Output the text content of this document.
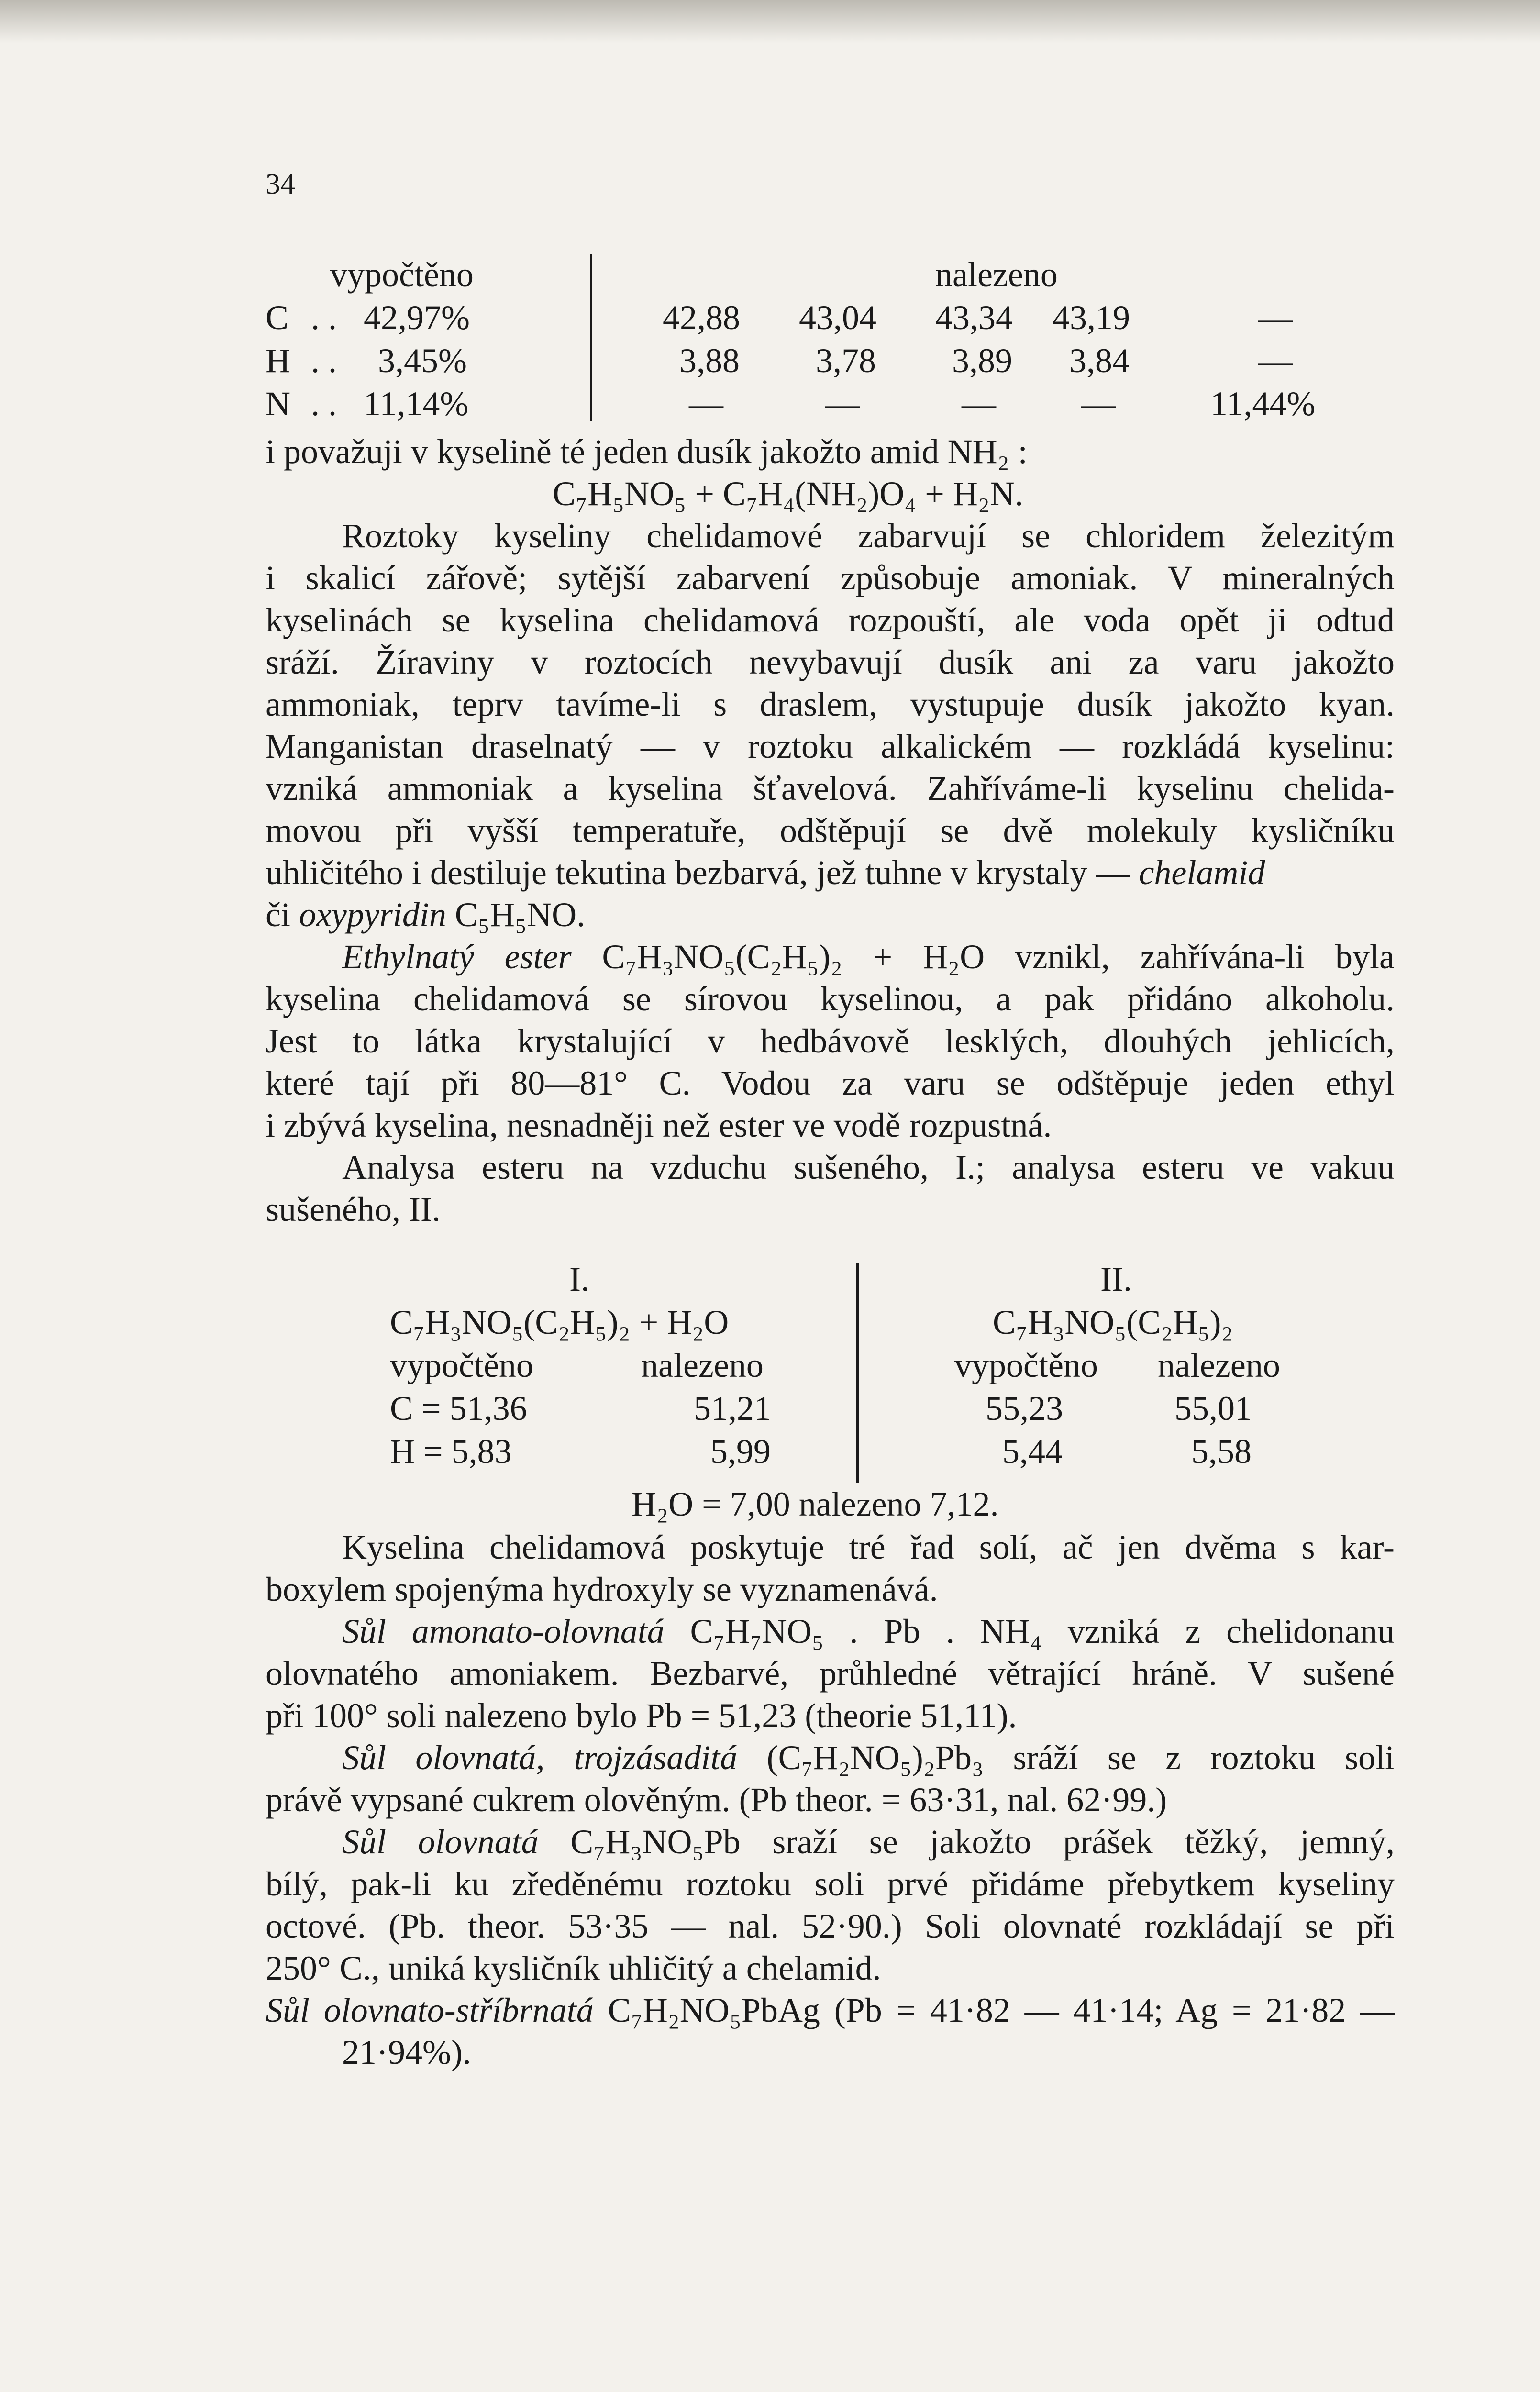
34
vypočtěno	nalezeno
C . . 42,97%	42,88 43,04 43,34 43,19	—
H . . 3,45%	3,88 3,78 3,89 3,84	—
N . . 11,14%	—	—	— —	11,44%
i považuji v kyselině té jeden dusík jakožto amid NH₂ :
C₇H₅NO₅ + C₇H₄(NH₂)O₄ + H₂N.
Roztoky kyseliny chelidamové zabarvují se chloridem železitým
i skalicí zářově; sytější zabarvení způsobuje amoniak. V mineralných
kyselinách se kyselina chelidamová rozpouští, ale voda opět ji odtud
sráží. Žíraviny v roztocích nevybavují dusík ani za varu jakožto
ammoniak, teprv tavíme-li s draslem, vystupuje dusík jakožto kyan.
Manganistan draselnatý — v roztoku alkalickém — rozkládá kyselinu:
vzniká ammoniak a kyselina šťavelová. Zahříváme-li kyselinu chelida-
movou při vyšší temperatuře, odštěpují se dvě molekuly kysličníku
uhličitého i destiluje tekutina bezbarvá, jež tuhne v krystaly — chelamid
či oxypyridin C₅H₅NO.
Ethylnatý ester C₇H₃NO₅(C₂H₅)₂ + H₂O vznikl, zahřívána-li byla
kyselina chelidamová se sírovou kyselinou, a pak přidáno alkoholu.
Jest to látka krystalující v hedbávově lesklých, dlouhých jehlicích,
které tají při 80—81° C. Vodou za varu se odštěpuje jeden ethyl
i zbývá kyselina, nesnadněji než ester ve vodě rozpustná.
Analysa esteru na vzduchu sušeného, I.; analysa esteru ve vakuu
sušeného, II.
I.
C₇H₃NO₅(C₂H₅)₂ + H₂O
vypočtěno	nalezeno
C = 51,36	51,21
H = 5,83	5,99
II.
C₇H₃NO₅(C₂H₅)₂
vypočtěno nalezeno
55,23	55,01
5,44	5,58
H₂O = 7,00 nalezeno 7,12.
Kyselina chelidamová poskytuje tré řad solí, ač jen dvěma s kar-
boxylem spojenýma hydroxyly se vyznamenává.
Sůl amonato-olovnatá C₇H₇NO₅ . Pb . NH₄ vzniká z chelidonanu
olovnatého amoniakem. Bezbarvé, průhledné větrající hráně. V sušené
při 100° soli nalezeno bylo Pb = 51,23 (theorie 51,11).
Sůl olovnatá, trojzásaditá (C₇H₂NO₅)₂Pb₃ sráží se z roztoku soli
právě vypsané cukrem olověným. (Pb theor. = 63·31, nal. 62·99.)
Sůl olovnatá C₇H₃NO₅Pb sraží se jakožto prášek těžký, jemný,
bílý, pak-li ku zředěnému roztoku soli prvé přidáme přebytkem kyseliny
octové. (Pb. theor. 53·35 — nal. 52·90.) Soli olovnaté rozkládají se při
250° C., uniká kysličník uhličitý a chelamid.
Sůl olovnato-stříbrnatá C₇H₂NO₅PbAg (Pb = 41·82 — 41·14; Ag = 21·82 —
21·94%).
